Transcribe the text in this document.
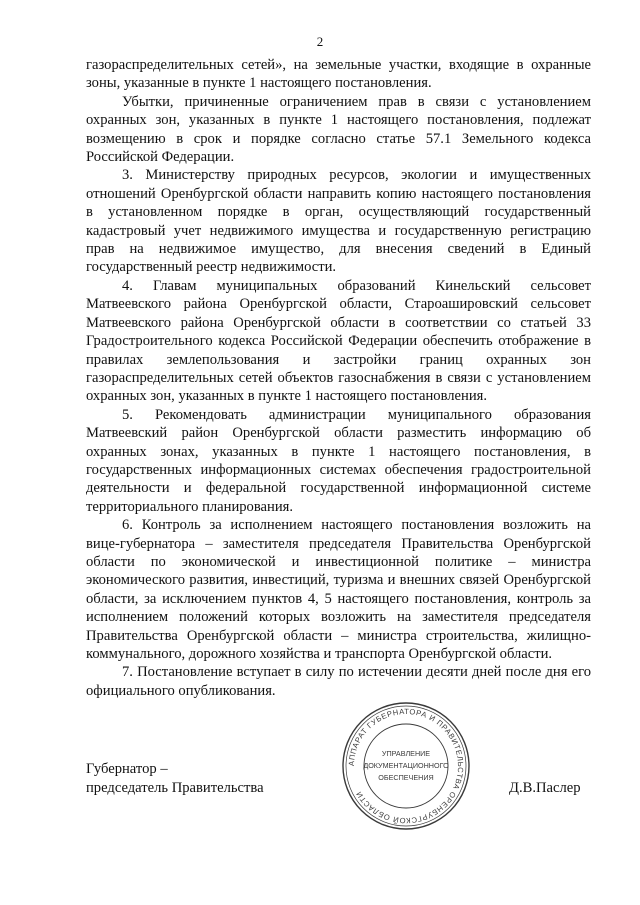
2

газораспределительных сетей», на земельные участки, входящие в охранные зоны, указанные в пункте 1 настоящего постановления.

Убытки, причиненные ограничением прав в связи с установлением охранных зон, указанных в пункте 1 настоящего постановления, подлежат возмещению в срок и порядке согласно статье 57.1 Земельного кодекса Российской Федерации.

3. Министерству природных ресурсов, экологии и имущественных отношений Оренбургской области направить копию настоящего постановления в установленном порядке в орган, осуществляющий государственный кадастровый учет недвижимого имущества и государственную регистрацию прав на недвижимое имущество, для внесения сведений в Единый государственный реестр недвижимости.

4. Главам муниципальных образований Кинельский сельсовет Матвеевского района Оренбургской области, Староашировский сельсовет Матвеевского района Оренбургской области в соответствии со статьей 33 Градостроительного кодекса Российской Федерации обеспечить отображение в правилах землепользования и застройки границ охранных зон газораспределительных сетей объектов газоснабжения в связи с установлением охранных зон, указанных в пункте 1 настоящего постановления.

5. Рекомендовать администрации муниципального образования Матвеевский район Оренбургской области разместить информацию об охранных зонах, указанных в пункте 1 настоящего постановления, в государственных информационных системах обеспечения градостроительной деятельности и федеральной государственной информационной системе территориального планирования.

6. Контроль за исполнением настоящего постановления возложить на вице-губернатора – заместителя председателя Правительства Оренбургской области по экономической и инвестиционной политике – министра экономического развития, инвестиций, туризма и внешних связей Оренбургской области, за исключением пунктов 4, 5 настоящего постановления, контроль за исполнением положений которых возложить на заместителя председателя Правительства Оренбургской области – министра строительства, жилищно-коммунального, дорожного хозяйства и транспорта Оренбургской области.

7. Постановление вступает в силу по истечении десяти дней после дня его официального опубликования.

Губернатор –
председатель Правительства
АППАРАТ ГУБЕРНАТОРА И ПРАВИТЕЛЬСТВА ОРЕНБУРГСКОЙ ОБЛАСТИ
УПРАВЛЕНИЕ
ДОКУМЕНТАЦИОННОГО
ОБЕСПЕЧЕНИЯ
Д.В.Паслер
